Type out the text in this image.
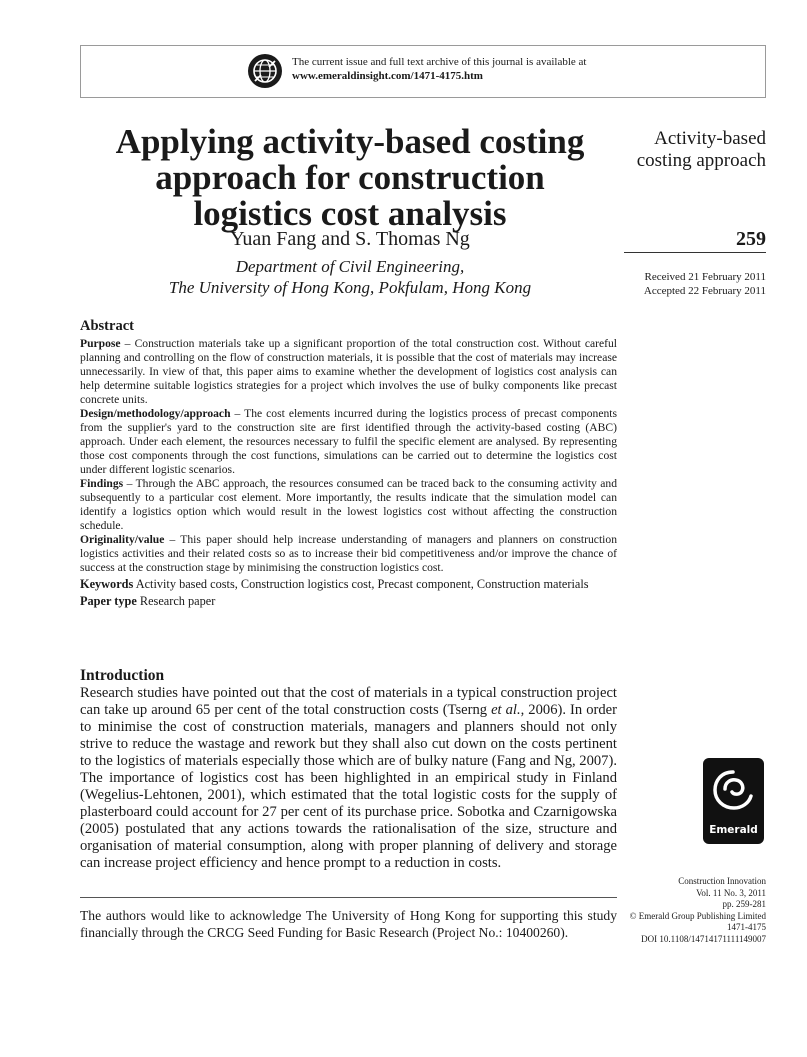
The current issue and full text archive of this journal is available at
www.emeraldinsight.com/1471-4175.htm
Applying activity-based costing
approach for construction
logistics cost analysis
Yuan Fang and S. Thomas Ng
Department of Civil Engineering,
The University of Hong Kong, Pokfulam, Hong Kong
Activity-based
costing approach
259
Received 21 February 2011
Accepted 22 February 2011
Abstract

Purpose – Construction materials take up a significant proportion of the total construction cost. Without careful planning and controlling on the flow of construction materials, it is possible that the cost of materials may increase unnecessarily. In view of that, this paper aims to examine whether the development of logistics cost analysis can help determine suitable logistics strategies for a project which involves the use of bulky components like precast concrete units.

Design/methodology/approach – The cost elements incurred during the logistics process of precast components from the supplier's yard to the construction site are first identified through the activity-based costing (ABC) approach. Under each element, the resources necessary to fulfil the specific element are analysed. By representing those cost components through the cost functions, simulations can be carried out to determine the logistics cost under different logistic scenarios.

Findings – Through the ABC approach, the resources consumed can be traced back to the consuming activity and subsequently to a particular cost element. More importantly, the results indicate that the simulation model can identify a logistics option which would result in the lowest logistics cost without affecting the construction schedule.

Originality/value – This paper should help increase understanding of managers and planners on construction logistics activities and their related costs so as to increase their bid competitiveness and/or improve the chance of success at the construction stage by minimising the construction logistics cost.

Keywords Activity based costs, Construction logistics cost, Precast component, Construction materials

Paper type Research paper

Introduction

Research studies have pointed out that the cost of materials in a typical construction project can take up around 65 per cent of the total construction costs (Tserng et al., 2006). In order to minimise the cost of construction materials, managers and planners should not only strive to reduce the wastage and rework but they shall also cut down on the costs pertinent to the logistics of materials especially those which are of bulky nature (Fang and Ng, 2007). The importance of logistics cost has been highlighted in an empirical study in Finland (Wegelius-Lehtonen, 2001), which estimated that the total logistic costs for the supply of plasterboard could account for 27 per cent of its purchase price. Sobotka and Czarnigowska (2005) postulated that any actions towards the rationalisation of the size, structure and organisation of material consumption, along with proper planning of delivery and storage can increase project efficiency and hence prompt to a reduction in costs.

The authors would like to acknowledge The University of Hong Kong for supporting this study financially through the CRCG Seed Funding for Basic Research (Project No.: 10400260).

Emerald
Construction Innovation
Vol. 11 No. 3, 2011
pp. 259-281
© Emerald Group Publishing Limited
1471-4175
DOI 10.1108/14714171111149007
